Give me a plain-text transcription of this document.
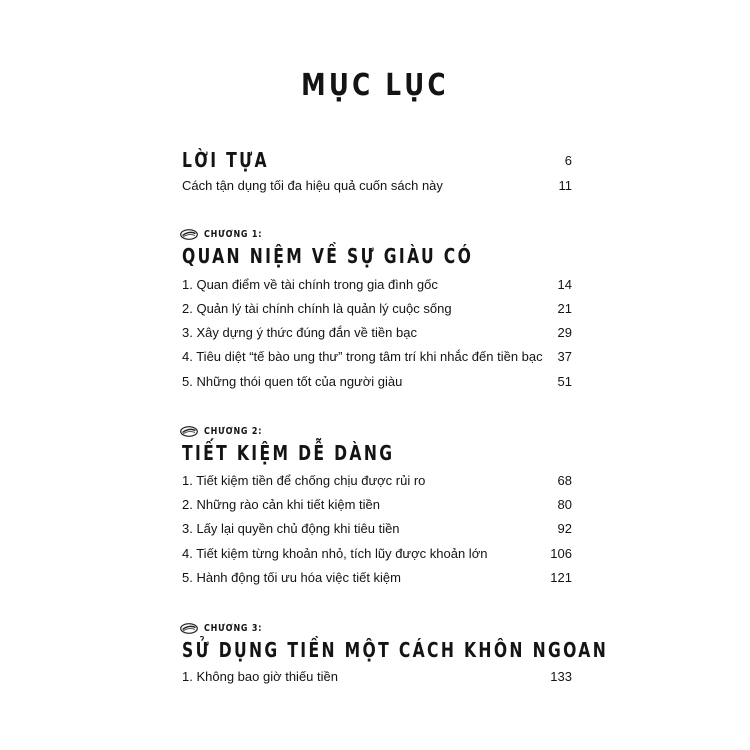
MỤC LỤC
LỜI TỰA	6
Cách tận dụng tối đa hiệu quả cuốn sách này	11
CHƯƠNG 1:
QUAN NIỆM VỀ SỰ GIÀU CÓ
1. Quan điểm về tài chính trong gia đình gốc	14
2. Quản lý tài chính chính là quản lý cuộc sống	21
3. Xây dựng ý thức đúng đắn về tiền bạc	29
4. Tiêu diệt “tế bào ung thư” trong tâm trí khi nhắc đến tiền bạc 37
5. Những thói quen tốt của người giàu	51
CHƯƠNG 2:
TIẾT KIỆM DỄ DÀNG
1. Tiết kiệm tiền để chống chịu được rủi ro	68
2. Những rào cản khi tiết kiệm tiền	80
3. Lấy lại quyền chủ động khi tiêu tiền	92
4. Tiết kiệm từng khoản nhỏ, tích lũy được khoản lớn	106
5. Hành động tối ưu hóa việc tiết kiệm	121
CHƯƠNG 3:
SỬ DỤNG TIỀN MỘT CÁCH KHÔN NGOAN
1. Không bao giờ thiếu tiền	133
